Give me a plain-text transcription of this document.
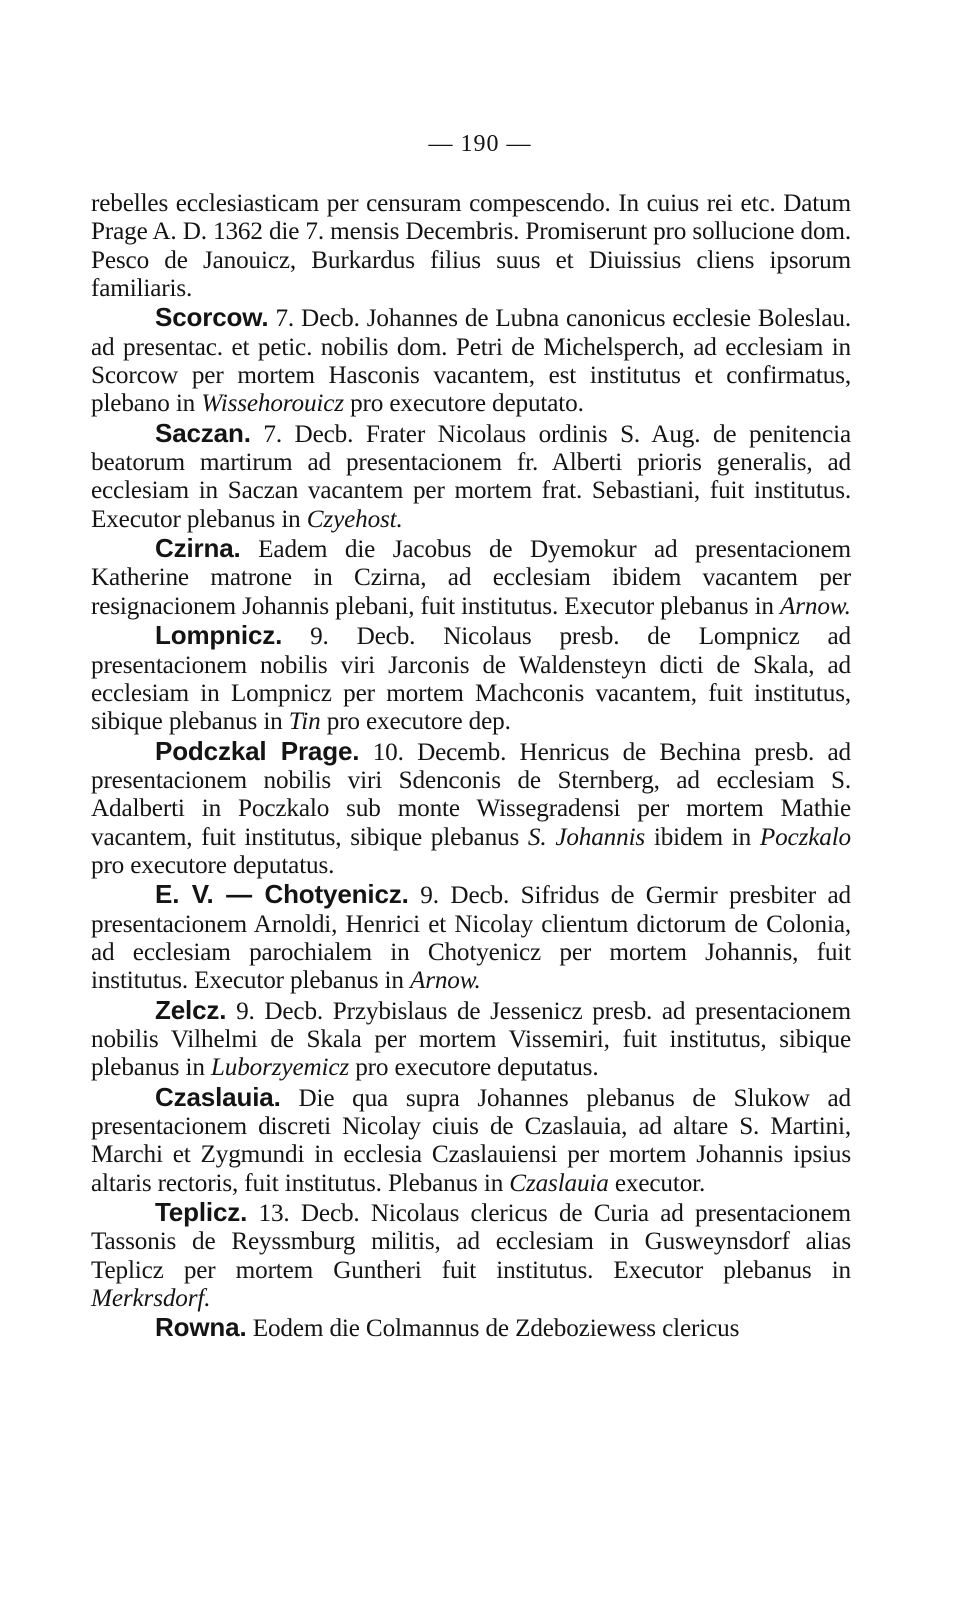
— 190 —

rebelles ecclesiasticam per censuram compescendo. In cuius rei etc. Datum Prage A. D. 1362 die 7. mensis Decembris. Promiserunt pro sollucione dom. Pesco de Janouicz, Burkardus filius suus et Diuissius cliens ipsorum familiaris.

Scorcow. 7. Decb. Johannes de Lubna canonicus ecclesie Boleslau. ad presentac. et petic. nobilis dom. Petri de Michelsperch, ad ecclesiam in Scorcow per mortem Hasconis vacantem, est institutus et confirmatus, plebano in Wissehorouicz pro executore deputato.

Saczan. 7. Decb. Frater Nicolaus ordinis S. Aug. de penitencia beatorum martirum ad presentacionem fr. Alberti prioris generalis, ad ecclesiam in Saczan vacantem per mortem frat. Sebastiani, fuit institutus. Executor plebanus in Czyehost.

Czirna. Eadem die Jacobus de Dyemokur ad presentacionem Katherine matrone in Czirna, ad ecclesiam ibidem vacantem per resignacionem Johannis plebani, fuit institutus. Executor plebanus in Arnow.

Lompnicz. 9. Decb. Nicolaus presb. de Lompnicz ad presentacionem nobilis viri Jarconis de Waldensteyn dicti de Skala, ad ecclesiam in Lompnicz per mortem Machconis vacantem, fuit institutus, sibique plebanus in Tin pro executore dep.

Podczkal Prage. 10. Decemb. Henricus de Bechina presb. ad presentacionem nobilis viri Sdenconis de Sternberg, ad ecclesiam S. Adalberti in Poczkalo sub monte Wissegradensi per mortem Mathie vacantem, fuit institutus, sibique plebanus S. Johannis ibidem in Poczkalo pro executore deputatus.

E. V. — Chotyenicz. 9. Decb. Sifridus de Germir presbiter ad presentacionem Arnoldi, Henrici et Nicolay clientum dictorum de Colonia, ad ecclesiam parochialem in Chotyenicz per mortem Johannis, fuit institutus. Executor plebanus in Arnow.

Zelcz. 9. Decb. Przybislaus de Jessenicz presb. ad presentacionem nobilis Vilhelmi de Skala per mortem Vissemiri, fuit institutus, sibique plebanus in Luborzyemicz pro executore deputatus.

Czaslauia. Die qua supra Johannes plebanus de Slukow ad presentacionem discreti Nicolay ciuis de Czaslauia, ad altare S. Martini, Marchi et Zygmundi in ecclesia Czaslauiensi per mortem Johannis ipsius altaris rectoris, fuit institutus. Plebanus in Czaslauia executor.

Teplicz. 13. Decb. Nicolaus clericus de Curia ad presentacionem Tassonis de Reyssmburg militis, ad ecclesiam in Gusweynsdorf alias Teplicz per mortem Guntheri fuit institutus. Executor plebanus in Merkrsdorf.

Rowna. Eodem die Colmannus de Zdeboziewess clericus
